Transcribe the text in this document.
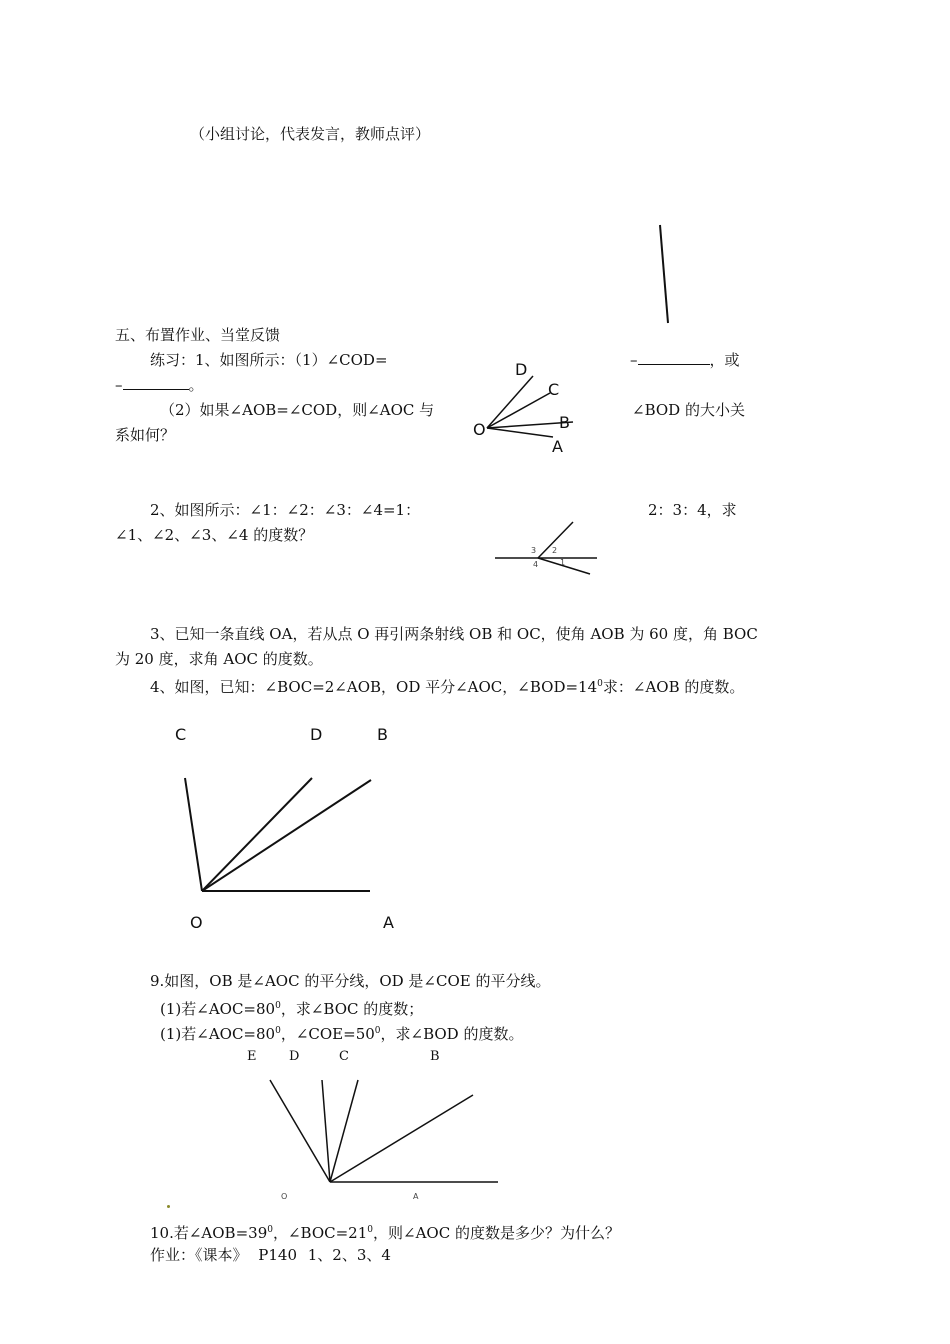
（小组讨论，代表发言，教师点评）
五、布置作业、当堂反馈
练习：1、如图所示：（1）∠COD=	–	，或
–	。
（2）如果∠AOB=∠COD，则∠AOC 与	∠BOD 的大小关
系如何？
D
C
B
A
O
2、如图所示：∠1：∠2：∠3：∠4=1：	2：3：4，求
∠1、∠2、∠3、∠4 的度数？
3 2
4	1
3、已知一条直线 OA，若从点 O 再引两条射线 OB 和 OC，使角 AOB 为 60 度，角 BOC
为 20 度，求角 AOC 的度数。
4、如图，已知：∠BOC=2∠AOB，OD 平分∠AOC，$\angle BOD=14^0$求：∠AOB 的度数。
C	D	B
O	A
9.如图，OB 是∠AOC 的平分线，OD 是∠COE 的平分线。
(1)若$\angle AOC=80^0$，求∠BOC 的度数；
(1)若$\angle AOC=80^0$，$\angle COE=50^0$，求∠BOD 的度数。
E	D	C	B
O	A
10.若$\angle AOB=39^0$，$\angle BOC=21^0$，则∠AOC 的度数是多少？为什么？
作业：《课本》 P140 1、2、3、4
